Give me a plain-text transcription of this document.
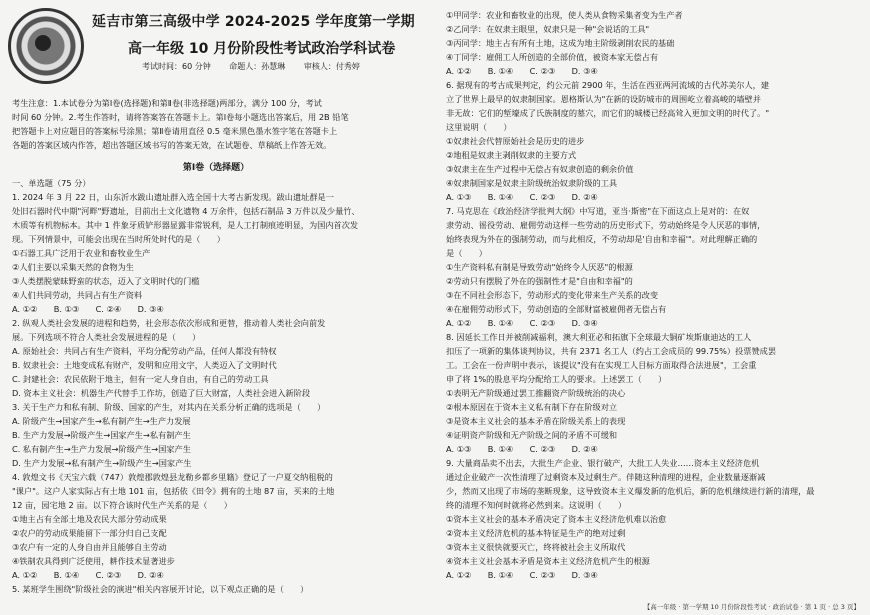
延吉市第三高级中学 2024-2025 学年度第一学期
高一年级 10 月份阶段性考试政治学科试卷
考试时间：60 分钟 命题人：孙慧琳 审核人：付秀婷
考生注意：1.本试卷分为第Ⅰ卷(选择题)和第Ⅱ卷(非选择题)两部分，满分 100 分，考试
时间 60 分钟。2.考生作答时，请将答案答在答题卡上。第Ⅰ卷每小题选出答案后，用 2B 铅笔
把答题卡上对应题目的答案标号涂黑；第Ⅱ卷请用直径 0.5 毫米黑色墨水签字笔在答题卡上
各题的答案区域内作答，超出答题区域书写的答案无效，在试题卷、草稿纸上作答无效。
第Ⅰ卷（选择题）
一、单选题（75 分）
1. 2024 年 3 月 22 日，山东沂水跋山遗址群入选全国十大考古新发现。跋山遗址群是一
处旧石器时代中期"河畔"野遗址，目前出土文化遗物 4 万余件，包括石制品 3 万件以及少量竹、
木质等有机物标本。其中 1 件象牙质铲形器显露非常锐利，是人工打制痕迹明显，为国内首次发
现。下列情景中，可能会出现在当时所处时代的是（　　）
①石器工具广泛用于农业和畜牧业生产
②人们主要以采集天然的食物为生
③人类摆脱蒙昧野蛮的状态，迈入了文明时代的门槛
④人们共同劳动，共同占有生产资料
A. ①②　　B. ①③　　C. ②④　　D. ③④
2. 纵观人类社会发展的进程和趋势，社会形态依次形成和更替，推动着人类社会向前发
展。下列选项不符合人类社会发展进程的是（　　）
A. 原始社会：共同占有生产资料，平均分配劳动产品，任何人都没有特权
B. 奴隶社会：土地变成私有财产，发明和应用文字，人类迈入了文明时代
C. 封建社会：农民依附于地主，但有一定人身自由，有自己的劳动工具
D. 资本主义社会：机器生产代替手工作坊，创造了巨大财富，人类社会进入新阶段
3. 关于生产力和私有制、阶级、国家的产生，对其内在关系分析正确的选项是（　　）
A. 阶级产生→国家产生→私有制产生→生产力发展
B. 生产力发展→阶级产生→国家产生→私有制产生
C. 私有制产生→生产力发展→阶级产生→国家产生
D. 生产力发展→私有制产生→阶级产生→国家产生
4. 敦煌文书《天宝六载（747）敦煌郡敦煌县龙勒乡都乡里籍》登记了一户夏交纳租税的
"课户"。这户人家实际占有土地 101 亩，包括依《田令》拥有的土地 87 亩，买来的土地
12 亩，园宅地 2 亩。以下符合该时代生产关系的是（　　）
①地主占有全部土地及农民大部分劳动成果
②农户的劳动成果能留下一部分归自己支配
③农户有一定的人身自由并且能够自主劳动
④铁制农具得到广泛使用，耕作技术显著进步
A. ①②　　B. ①④　　C. ②③　　D. ②④
5. 某班学生围绕"阶级社会的演进"相关内容展开讨论，以下观点正确的是（　　）
①甲同学：农业和畜牧业的出现，使人类从食物采集者变为生产者
②乙同学：在奴隶主眼里，奴隶只是一种"会说话的工具"
③丙同学：地主占有所有土地，这成为地主阶级剥削农民的基础
④丁同学：雇佣工人所创造的全部价值，被资本家无偿占有
A. ①②　　B. ①④　　C. ②③　　D. ③④
6. 据现有的考古成果判定，约公元前 2900 年，生活在西亚两河流域的古代苏美尔人，建
立了世界上最早的奴隶制国家。恩格斯认为"在新的设防城市的周围屹立着高峻的墙壁并
非无故：它们的堑壕成了氏族制度的墓穴，而它们的城楼已经高耸入更加文明的时代了。"
这里说明（　　）
①奴隶社会代替原始社会是历史的进步
②地租是奴隶主剥削奴隶的主要方式
③奴隶主在生产过程中无偿占有奴隶创造的剩余价值
④奴隶制国家是奴隶主阶级统治奴隶阶级的工具
A. ①③　　B. ①④　　C. ②③　　D. ②④
7. 马克思在《政治经济学批判大纲》中写道，亚当·斯密"在下面这点上是对的：在奴
隶劳动、徭役劳动、雇佣劳动这样一些劳动的历史形式下，劳动始终是令人厌恶的事情，
始终表现为外在的强制劳动，而与此相反，不劳动却是'自由和幸福'"。对此理解正确的
是（　　）
①生产资料私有制是导致劳动"始终令人厌恶"的根源
②劳动只有摆脱了外在的强制性才是"自由和幸福"的
③在不同社会形态下，劳动形式的变化带来生产关系的改变
④在雇佣劳动形式下，劳动创造的全部财富被雇佣者无偿占有
A. ①②　　B. ①④　　C. ②③　　D. ③④
8. 因延长工作日并被削减福利，澳大利亚必和拓旗下全球最大铜矿埃斯康迪达的工人
扣压了一项新的集体谈判协议，共有 2371 名工人（约占工会成员的 99.75%）投票赞成罢
工。工会在一份声明中表示，该提议"没有在实现工人目标方面取得合法进展"，工会重
申了将 1%的股息平均分配给工人的要求。上述罢工（　　）
①表明无产阶级通过罢工推翻资产阶级统治的决心
②根本原因在于资本主义私有制下存在阶级对立
③是资本主义社会的基本矛盾在阶级关系上的表现
④证明资产阶级和无产阶级之间的矛盾不可缓和
A. ①③　　B. ①④　　C. ②③　　D. ②④
9. 大量商品卖不出去，大批生产企业、银行破产，大批工人失业……资本主义经济危机
通过企业破产一次性清理了过剩资本及过剩生产。伴随这种清理的进程，企业数量逐渐减
少，然而又出现了市场的垄断现象，这导致资本主义爆发新的危机后，新的危机继续进行新的清理，最
终的清理不知何时就将必然到来。这说明（　　）
①资本主义社会的基本矛盾决定了资本主义经济危机难以治愈
②资本主义经济危机的基本特征是生产的绝对过剩
③资本主义很快就要灭亡，终将被社会主义所取代
④资本主义社会基本矛盾是资本主义经济危机产生的根源
A. ①②　　B. ①④　　C. ②③　　D. ③④
【高一年级 · 第一学期 10 月份阶段性考试 · 政治试卷 · 第 1 页 · 总 3 页】
